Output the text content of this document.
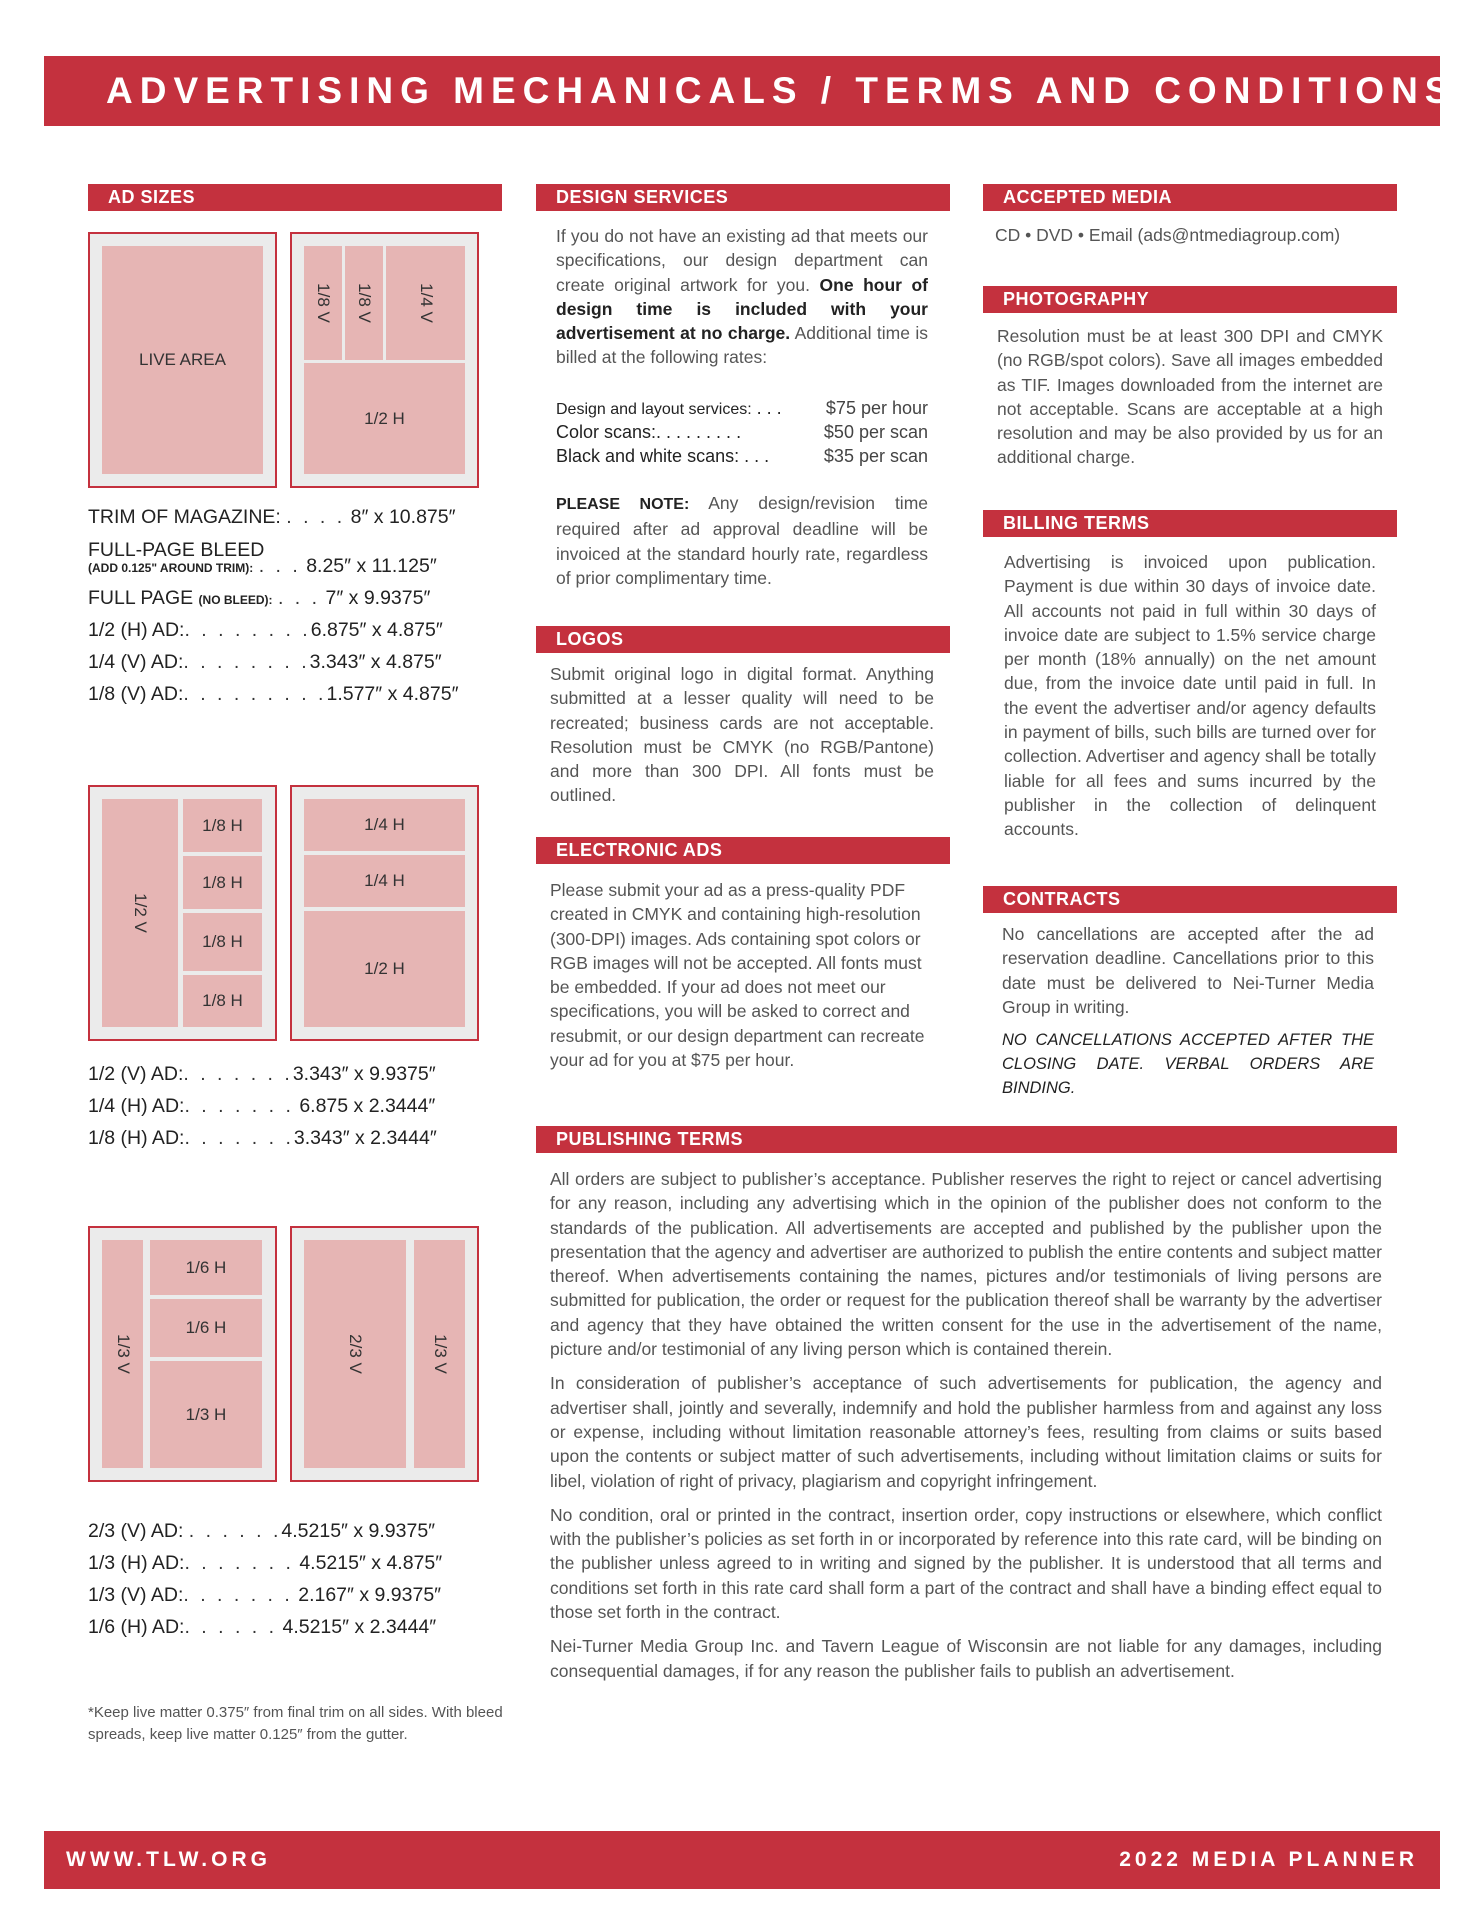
ADVERTISING MECHANICALS / TERMS AND CONDITIONS
AD SIZES
LIVE AREA
1/8 V 1/8 V 1/4 V
1/2 H
TRIM OF MAGAZINE: . . . . 8″ x 10.875″
FULL-PAGE BLEED
(ADD 0.125" AROUND TRIM): . . . 8.25″ x 11.125″
FULL PAGE (NO BLEED): . . . 7″ x 9.9375″
1/2 (H) AD:. . . . . . . .6.875″ x 4.875″
1/4 (V) AD:. . . . . . . .3.343″ x 4.875″
1/8 (V) AD:. . . . . . . . .1.577″ x 4.875″
1/2 V
1/8 H
1/8 H
1/8 H
1/8 H
1/4 H
1/4 H
1/2 H
1/2 (V) AD:. . . . . . .3.343″ x 9.9375″
1/4 (H) AD:. . . . . . . 6.875 x 2.3444″
1/8 (H) AD:. . . . . . .3.343″ x 2.3444″
1/3 V
1/6 H
1/6 H
1/3 H
2/3 V	1/3 V
2/3 (V) AD: . . . . . .4.5215″ x 9.9375″
1/3 (H) AD:. . . . . . . 4.5215″ x 4.875″
1/3 (V) AD:. . . . . . . 2.167″ x 9.9375″
1/6 (H) AD:. . . . . . 4.5215″ x 2.3444″
*Keep live matter 0.375″ from final trim on all sides. With bleed spreads, keep live matter 0.125″ from the gutter.
DESIGN SERVICES
If you do not have an existing ad that meets our specifications, our design department can create original artwork for you. One hour of design time is included with your advertisement at no charge. Additional time is billed at the following rates:
Design and layout services: . . . $75 per hour
Color scans:. . . . . . . . .	$50 per scan
Black and white scans: . . .	$35 per scan
PLEASE NOTE: Any design/revision time required after ad approval deadline will be invoiced at the standard hourly rate, regardless of prior complimentary time.
LOGOS
Submit original logo in digital format. Anything submitted at a lesser quality will need to be recreated; business cards are not acceptable. Resolution must be CMYK (no RGB/Pantone) and more than 300 DPI. All fonts must be outlined.
ELECTRONIC ADS
Please submit your ad as a press-quality PDF created in CMYK and containing high-resolution (300-DPI) images. Ads containing spot colors or RGB images will not be accepted. All fonts must be embedded. If your ad does not meet our specifications, you will be asked to correct and resubmit, or our design department can recreate your ad for you at $75 per hour.
ACCEPTED MEDIA
CD • DVD • Email (ads@ntmediagroup.com)
PHOTOGRAPHY
Resolution must be at least 300 DPI and CMYK (no RGB/spot colors). Save all images embedded as TIF. Images downloaded from the internet are not acceptable. Scans are acceptable at a high resolution and may be also provided by us for an additional charge.
BILLING TERMS
Advertising is invoiced upon publication. Payment is due within 30 days of invoice date. All accounts not paid in full within 30 days of invoice date are subject to 1.5% service charge per month (18% annually) on the net amount due, from the invoice date until paid in full. In the event the advertiser and/or agency defaults in payment of bills, such bills are turned over for collection. Advertiser and agency shall be totally liable for all fees and sums incurred by the publisher in the collection of delinquent accounts.
CONTRACTS
No cancellations are accepted after the ad reservation deadline. Cancellations prior to this date must be delivered to Nei-Turner Media Group in writing.
NO CANCELLATIONS ACCEPTED AFTER THE CLOSING DATE. VERBAL ORDERS ARE BINDING.
PUBLISHING TERMS

All orders are subject to publisher’s acceptance. Publisher reserves the right to reject or cancel advertising for any reason, including any advertising which in the opinion of the publisher does not conform to the standards of the publication. All advertisements are accepted and published by the publisher upon the presentation that the agency and advertiser are authorized to publish the entire contents and subject matter thereof. When advertisements containing the names, pictures and/or testimonials of living persons are submitted for publication, the order or request for the publication thereof shall be warranty by the advertiser and agency that they have obtained the written consent for the use in the advertisement of the name, picture and/or testimonial of any living person which is contained therein.

In consideration of publisher’s acceptance of such advertisements for publication, the agency and advertiser shall, jointly and severally, indemnify and hold the publisher harmless from and against any loss or expense, including without limitation reasonable attorney’s fees, resulting from claims or suits based upon the contents or subject matter of such advertisements, including without limitation claims or suits for libel, violation of right of privacy, plagiarism and copyright infringement.

No condition, oral or printed in the contract, insertion order, copy instructions or elsewhere, which conflict with the publisher’s policies as set forth in or incorporated by reference into this rate card, will be binding on the publisher unless agreed to in writing and signed by the publisher. It is understood that all terms and conditions set forth in this rate card shall form a part of the contract and shall have a binding effect equal to those set forth in the contract.

Nei-Turner Media Group Inc. and Tavern League of Wisconsin are not liable for any damages, including consequential damages, if for any reason the publisher fails to publish an advertisement.

WWW.TLW.ORG	2022 MEDIA PLANNER
